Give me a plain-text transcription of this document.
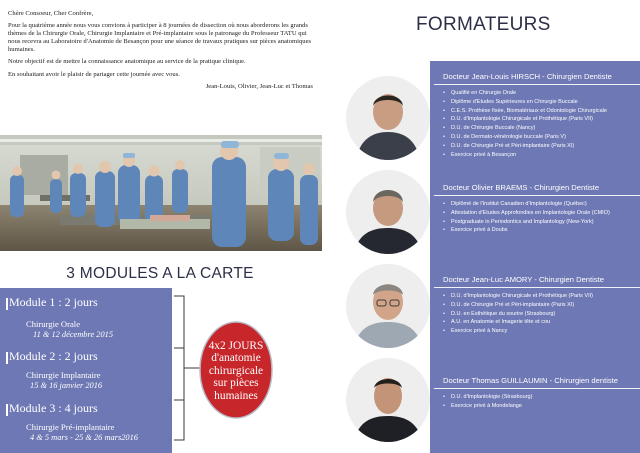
Chère Consoeur, Cher Confrère,

Pour la quatrième année nous vous convions à participer à 8 journées de dissection où nous aborderons les grands thèmes de la Chirurgie Orale, Chirurgie Implantaire et Pré-implantaire sous le patronage du Professeur TATU qui nous recevra au Laboratoire d'Anatomie de Besançon pour une séance de travaux pratiques sur pièces anatomiques humaines.

Notre objectif est de mettre la connaissance anatomique au service de la pratique clinique.

En souhaitant avoir le plaisir de partager cette journée avec vous.

Jean-Louis, Olivier, Jean-Luc et Thomas

3 MODULES A LA CARTE
Module 1 : 2 jours
Chirurgie Orale
11 & 12 décembre 2015
Module 2 : 2 jours
Chirurgie Implantaire
15 & 16 janvier 2016
Module 3 : 4 jours
Chirurgie Pré-implantaire
4 & 5 mars - 25 & 26 mars2016
4x2 JOURS
d'anatomie
chirurgicale
sur pièces
humaines
FORMATEURS
Docteur Jean-Louis HIRSCH - Chirurgien Dentiste
• Qualifié en Chirurgie Orale
• Diplôme d'Etudes Supérieures en Chirurgie Buccale
• C.E.S. Prothèse fixée, Biomatériaux et Odontologie Chirurgicale
• D.U. d'Implantologie Chirurgicale et Prothétique (Paris VII)
• D.U. de Chirurgie Buccale (Nancy)
• D.U. de Dermato-vénérologie buccale (Paris V)
• D.U. de Chirurgie Pré et Péri-implantaire (Paris XI)
• Exercice privé à Besançon
Docteur Olivier BRAEMS - Chirurgien Dentiste
• Diplômé de l'Institut Canadien d'Implantologie (Québec)
• Attestation d'Etudes Approfondies en Implantologie Orale (CMIO)
• Postgraduate in Periodontics and Implantology (New-York)
• Exercice privé à Doubs
Docteur Jean-Luc AMORY - Chirurgien Dentiste
• D.U. d'Implantologie Chirurgicale et Prothétique (Paris VII)
• D.U. de Chirurgie Pré et Péri-implantaire (Paris XI)
• D.U. en Esthétique du sourire (Strasbourg)
• A.U. en Anatomie et Imagerie tête et cou
• Exercice privé à Nancy
Docteur Thomas GUILLAUMIN - Chirurgien dentiste
• D.U. d'Implantologie (Strasbourg)
• Exercice privé à Mondelange
